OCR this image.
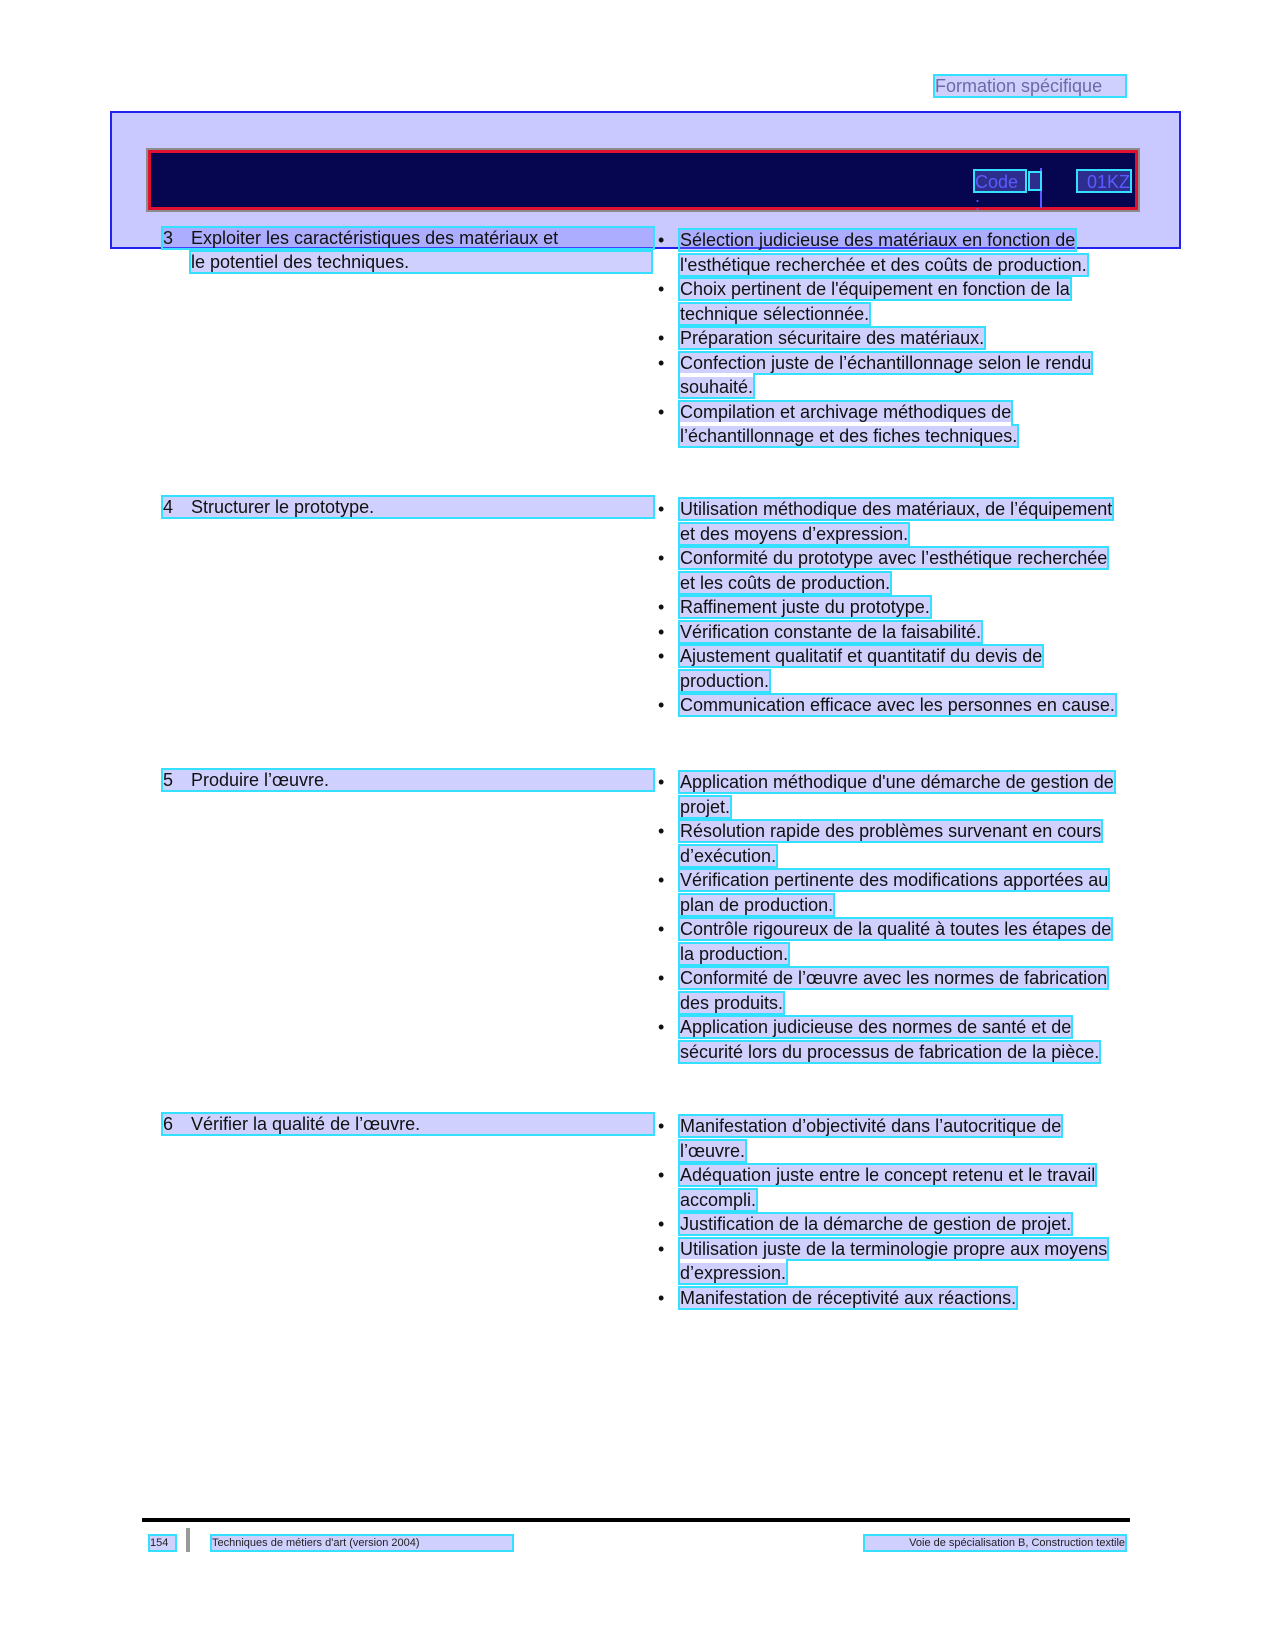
Formation spécifique
Code :
01KZ
3 Exploiter les caractéristiques des matériaux et
le potentiel des techniques.
• Sélection judicieuse des matériaux en fonction de l'esthétique recherchée et des coûts de production.
• Choix pertinent de l'équipement en fonction de la technique sélectionnée.
• Préparation sécuritaire des matériaux.
• Confection juste de l’échantillonnage selon le rendu souhaité.
• Compilation et archivage méthodiques de l’échantillonnage et des fiches techniques.
4 Structurer le prototype.	• Utilisation méthodique des matériaux, de l’équipement et des moyens d’expression.
• Conformité du prototype avec l’esthétique recherchée et les coûts de production.
• Raffinement juste du prototype.
• Vérification constante de la faisabilité.
• Ajustement qualitatif et quantitatif du devis de production.
• Communication efficace avec les personnes en cause.
5 Produire l’œuvre.	• Application méthodique d'une démarche de gestion de projet.
• Résolution rapide des problèmes survenant en cours d’exécution.
• Vérification pertinente des modifications apportées au plan de production.
• Contrôle rigoureux de la qualité à toutes les étapes de la production.
• Conformité de l’œuvre avec les normes de fabrication des produits.
• Application judicieuse des normes de santé et de sécurité lors du processus de fabrication de la pièce.
6 Vérifier la qualité de l’œuvre.	• Manifestation d’objectivité dans l’autocritique de l’œuvre.
• Adéquation juste entre le concept retenu et le travail accompli.
• Justification de la démarche de gestion de projet.
• Utilisation juste de la terminologie propre aux moyens d’expression.
• Manifestation de réceptivité aux réactions.
154	Techniques de métiers d'art (version 2004)	Voie de spécialisation B, Construction textile
